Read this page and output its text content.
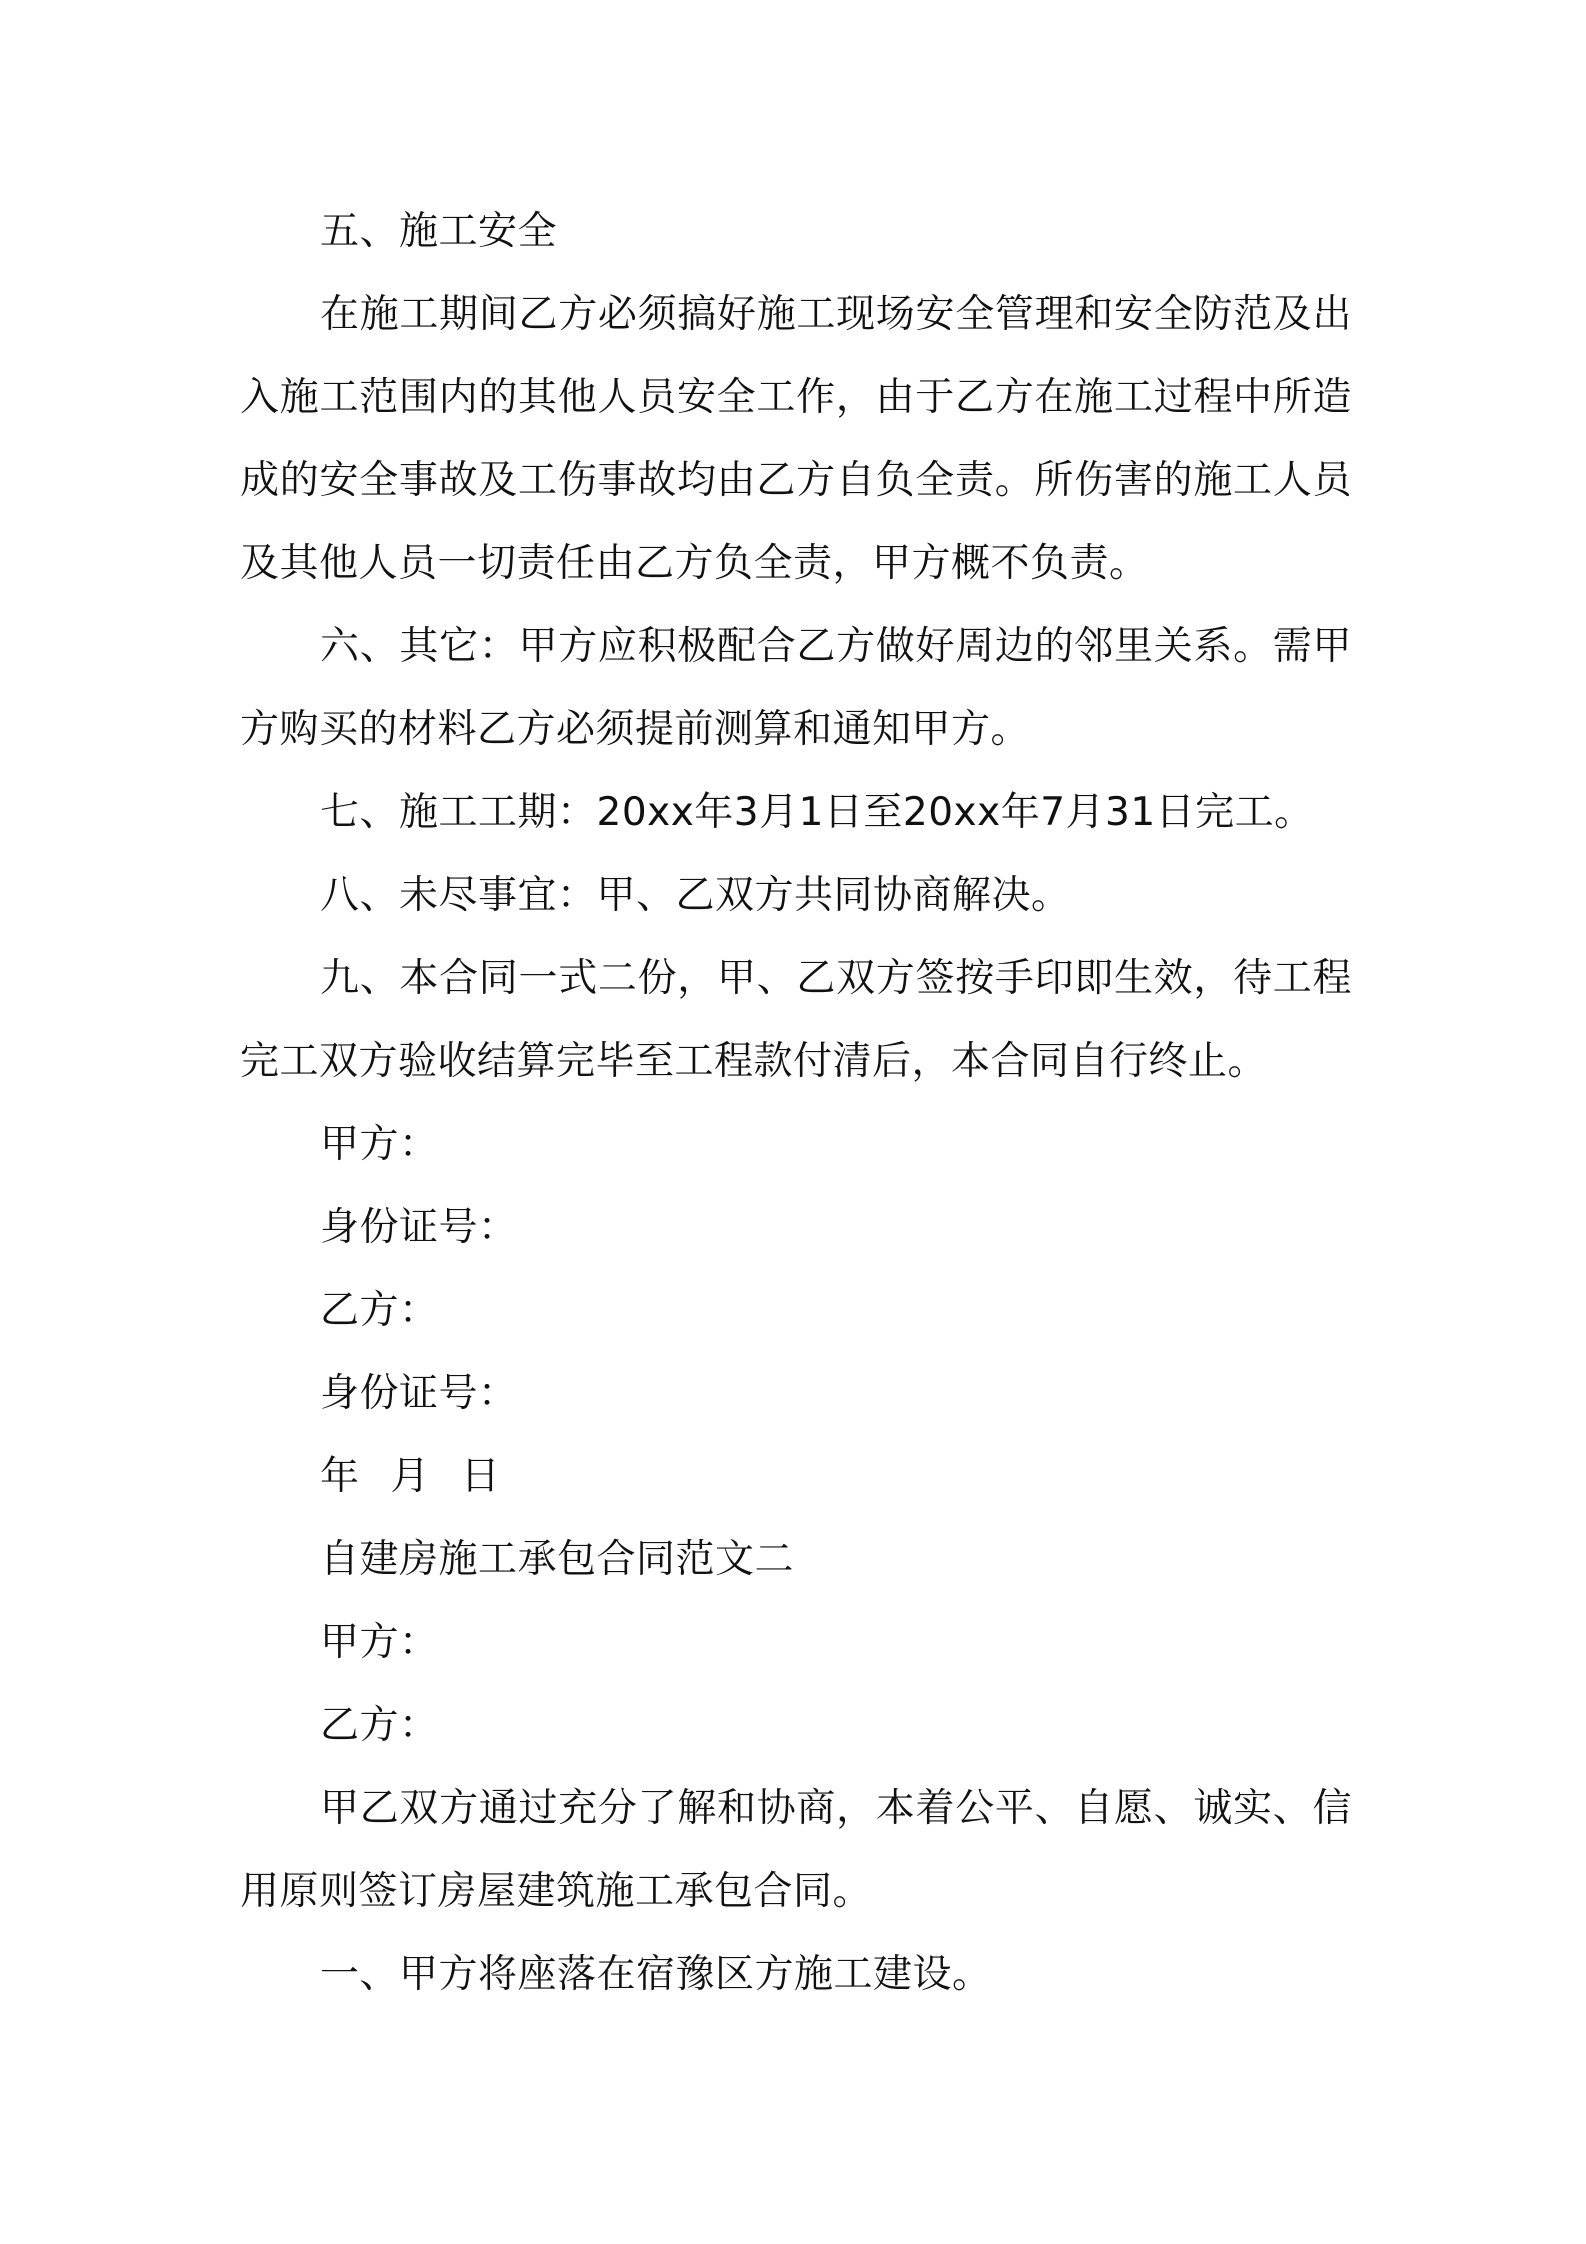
五、施工安全

在施工期间乙方必须搞好施工现场安全管理和安全防范及出入施工范围内的其他人员安全工作，由于乙方在施工过程中所造成的安全事故及工伤事故均由乙方自负全责。所伤害的施工人员及其他人员一切责任由乙方负全责，甲方概不负责。

六、其它：甲方应积极配合乙方做好周边的邻里关系。需甲方购买的材料乙方必须提前测算和通知甲方。

七、施工工期：20xx年3月1日至20xx年7月31日完工。

八、未尽事宜：甲、乙双方共同协商解决。

九、本合同一式二份，甲、乙双方签按手印即生效，待工程完工双方验收结算完毕至工程款付清后，本合同自行终止。

甲方：

身份证号：

乙方：

身份证号：

年 月 日

自建房施工承包合同范文二

甲方：

乙方：

甲乙双方通过充分了解和协商，本着公平、自愿、诚实、信用原则签订房屋建筑施工承包合同。

一、甲方将座落在宿豫区方施工建设。
